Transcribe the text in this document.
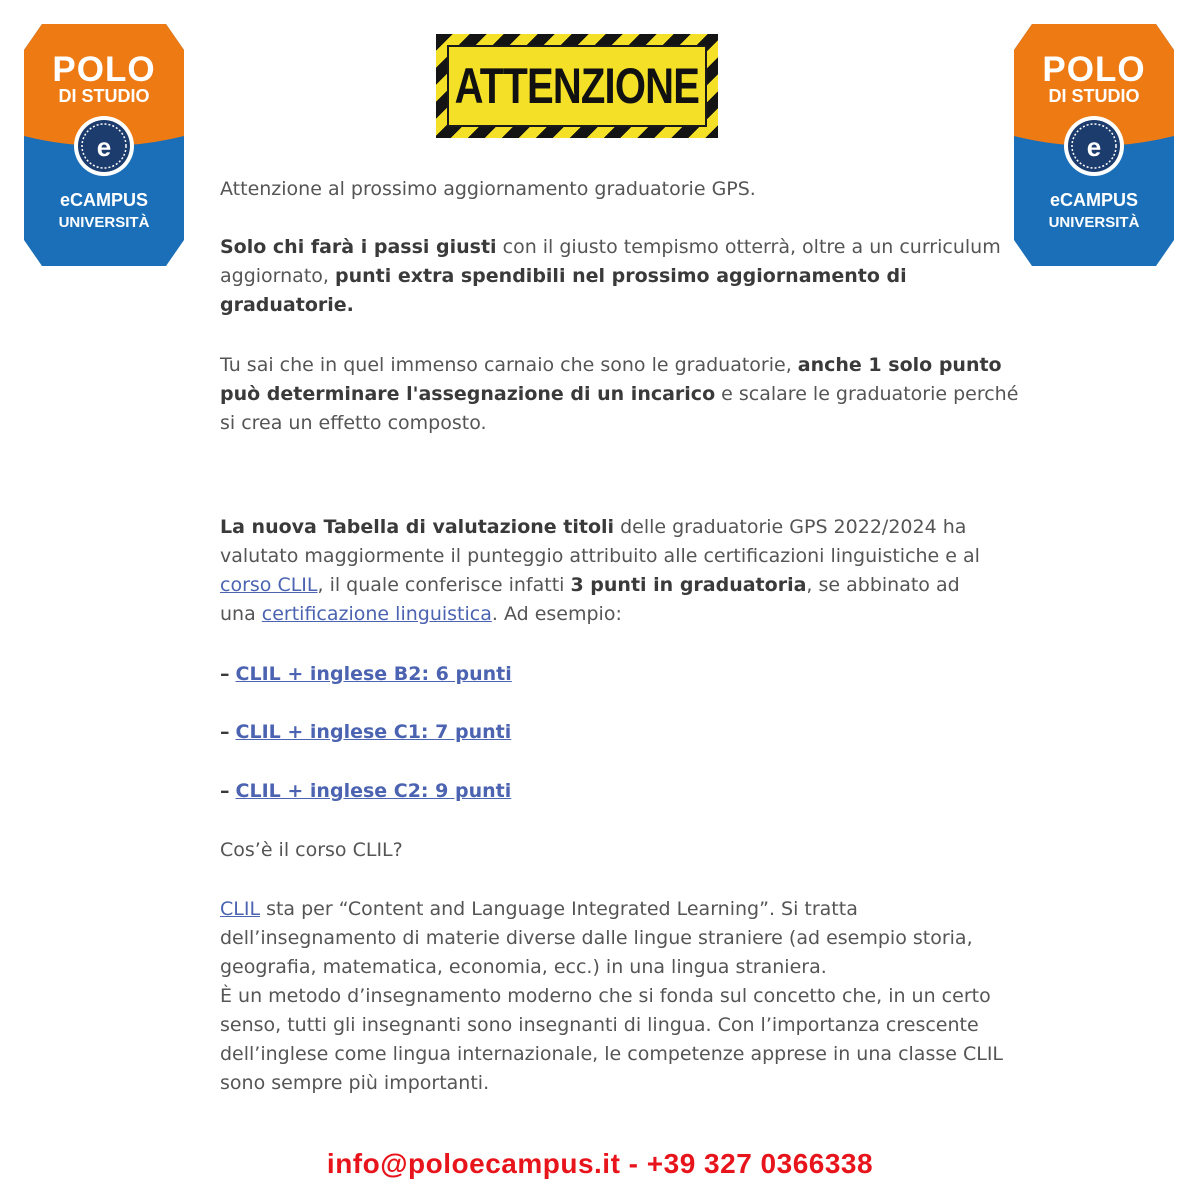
e
POLO
DI STUDIO
eCAMPUS
UNIVERSITÀ
e
POLO
DI STUDIO
eCAMPUS
UNIVERSITÀ
ATTENZIONE

Attenzione al prossimo aggiornamento graduatorie GPS.

Solo chi farà i passi giusti con il giusto tempismo otterrà, oltre a un curriculum aggiornato, punti extra spendibili nel prossimo aggiornamento di graduatorie.

Tu sai che in quel immenso carnaio che sono le graduatorie, anche 1 solo punto può determinare l'assegnazione di un incarico e scalare le graduatorie perché si crea un effetto composto.

La nuova Tabella di valutazione titoli delle graduatorie GPS 2022/2024 ha valutato maggiormente il punteggio attribuito alle certificazioni linguistiche e al corso CLIL, il quale conferisce infatti 3 punti in graduatoria, se abbinato ad una certificazione linguistica. Ad esempio:

– CLIL + inglese B2: 6 punti

– CLIL + inglese C1: 7 punti

– CLIL + inglese C2: 9 punti

Cos’è il corso CLIL?

CLIL sta per “Content and Language Integrated Learning”. Si tratta dell’insegnamento di materie diverse dalle lingue straniere (ad esempio storia, geografia, matematica, economia, ecc.) in una lingua straniera.
È un metodo d’insegnamento moderno che si fonda sul concetto che, in un certo senso, tutti gli insegnanti sono insegnanti di lingua. Con l’importanza crescente dell’inglese come lingua internazionale, le competenze apprese in una classe CLIL sono sempre più importanti.

info@poloecampus.it - +39 327 0366338
